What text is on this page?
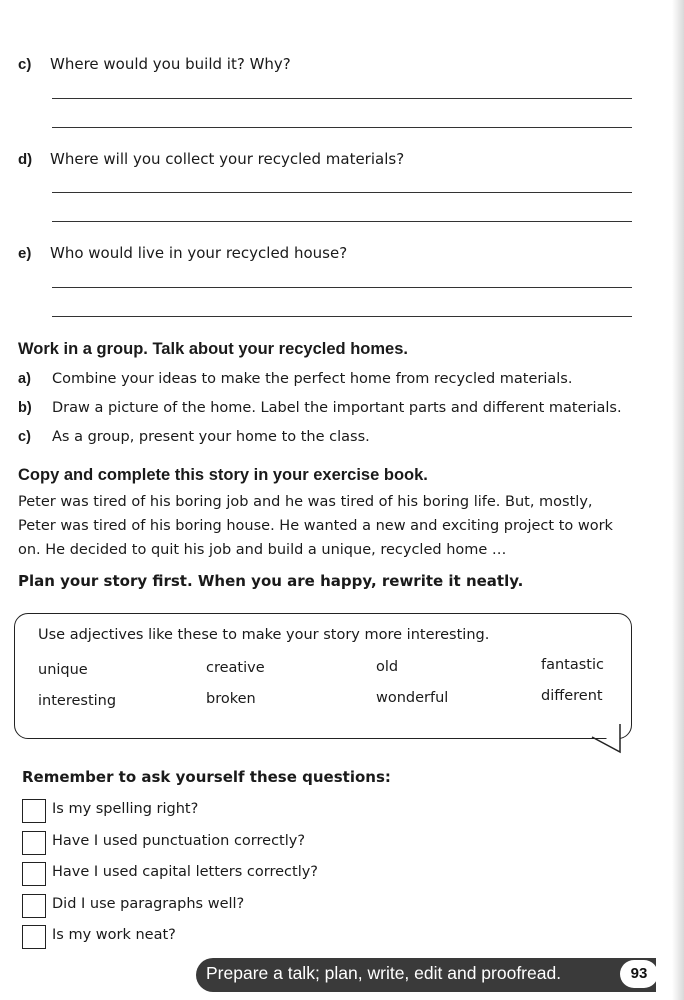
c) Where would you build it? Why?
d) Where will you collect your recycled materials?
e) Who would live in your recycled house?
Work in a group. Talk about your recycled homes.
a) Combine your ideas to make the perfect home from recycled materials.
b) Draw a picture of the home. Label the important parts and different materials.
c) As a group, present your home to the class.
Copy and complete this story in your exercise book.
Peter was tired of his boring job and he was tired of his boring life. But, mostly,
Peter was tired of his boring house. He wanted a new and exciting project to work
on. He decided to quit his job and build a unique, recycled home …
Plan your story first. When you are happy, rewrite it neatly.
Use adjectives like these to make your story more interesting.
unique	creative	old	fantastic
interesting	broken	wonderful	different
Remember to ask yourself these questions:
Is my spelling right?
Have I used punctuation correctly?
Have I used capital letters correctly?
Did I use paragraphs well?
Is my work neat?
Prepare a talk; plan, write, edit and proofread.	93
